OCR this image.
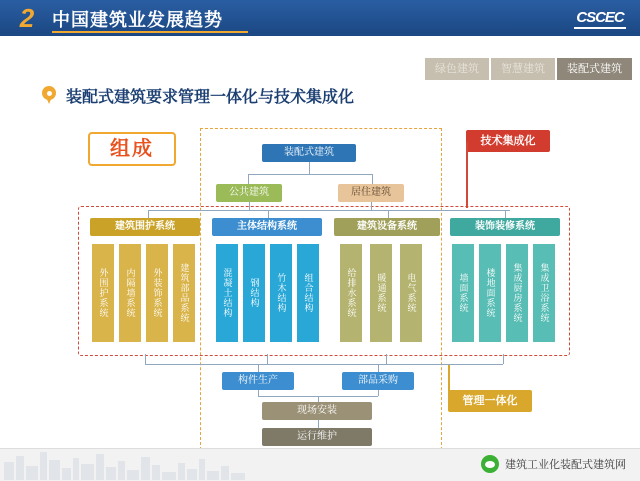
2 中国建筑业发展趋势	CSCEC
绿色建筑	智慧建筑	装配式建筑
装配式建筑要求管理一体化与技术集成化
组成	技术集成化
管理一体化
装配式建筑
公共建筑	居住建筑
建筑围护系统	主体结构系统	建筑设备系统	装饰装修系统
外围护系统 内隔墙系统 外装饰系统 建筑部品系统	混凝土结构 钢结构 竹木结构 组合结构	给排水系统 暖通系统 电气系统	墙面系统 楼地面系统 集成厨房系统 集成卫浴系统
构件生产	部品采购
现场安装
运行维护
建筑工业化装配式建筑网
